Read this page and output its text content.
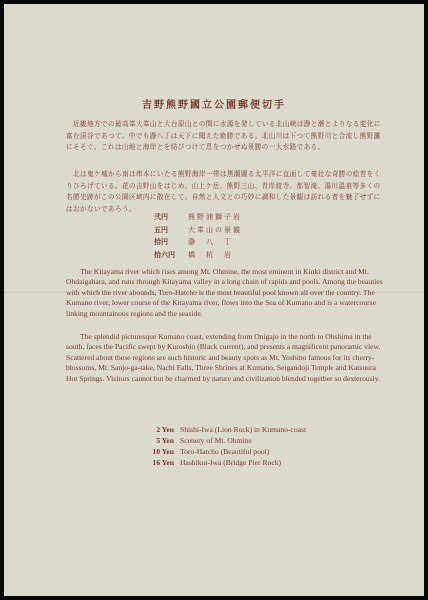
吉野熊野國立公園郵便切手
近畿地方での最高峯大峯山と大台原山との間に水源を発している北山峡は瀞と瀬とよりなる変化に富む渓谷であつて、中でも瀞八丁は天下に聞えた絶勝である。北山川は下つて熊野川と合流し熊野灘にそそぐ。これは山地と海岸とを結びつけて息をつかせぬ景勝の一大水路である。
北は鬼ケ城から南は串本にいたる熊野海岸一帯は黒潮躍る太平洋に直面して豪壮な奇勝の絵巻をくりひろげている。花の吉野山をはじめ、山上ケ岳、熊野三山、青岸渡寺、那智滝、湯川温泉等多くの名勝史跡がこの公園区域内に散在して、自然と人文との巧妙に調和した景観は訪れる者を魅了せずにはおかないであろう。
弐円	熊野浦獅子岩
五円	大峯山の景観
拾円	瀞　八　丁
拾六円 橋　杭　岩
The Kitayama river which rises among Mt. Ohmine, the most eminent in Kinki district and Mt. Ohdaigahara, and runs through Kitayama valley in a long chain of rapids and pools. Among the beauties with which the river abounds, Toro-Hatcho is the most beautiful pool known all over the country. The Kumano river, lower course of the Kitayama river, flows into the Sea of Kumano and is a watercourse linking mountainous regions and the seaside.
The splendid picturesque Kumano coast, extending from Onigajo in the north to Ohshima in the south, faces the Pacific swept by Kuroshio (Black current), and presents a magnificent panoramic view. Scattered about these regions are such historic and beauty spots as Mt. Yoshino famous for its cherry-blossoms, Mt. Sanjo-ga-take, Nachi Falls, Three Shrines at Kumano, Seigandoji Temple and Katsuura Hot Springs. Visitors cannot but be charmed by nature and civilization blended together so dexterously.
2 Yen Shishi-Iwa (Lion Rock) in Kumano-coast
5 Yen Scenery of Mt. Ohmine
10 Yen Toro-Hatcho (Beautiful pool)
16 Yen Hashikui-Iwa (Bridge Pier Rock)
